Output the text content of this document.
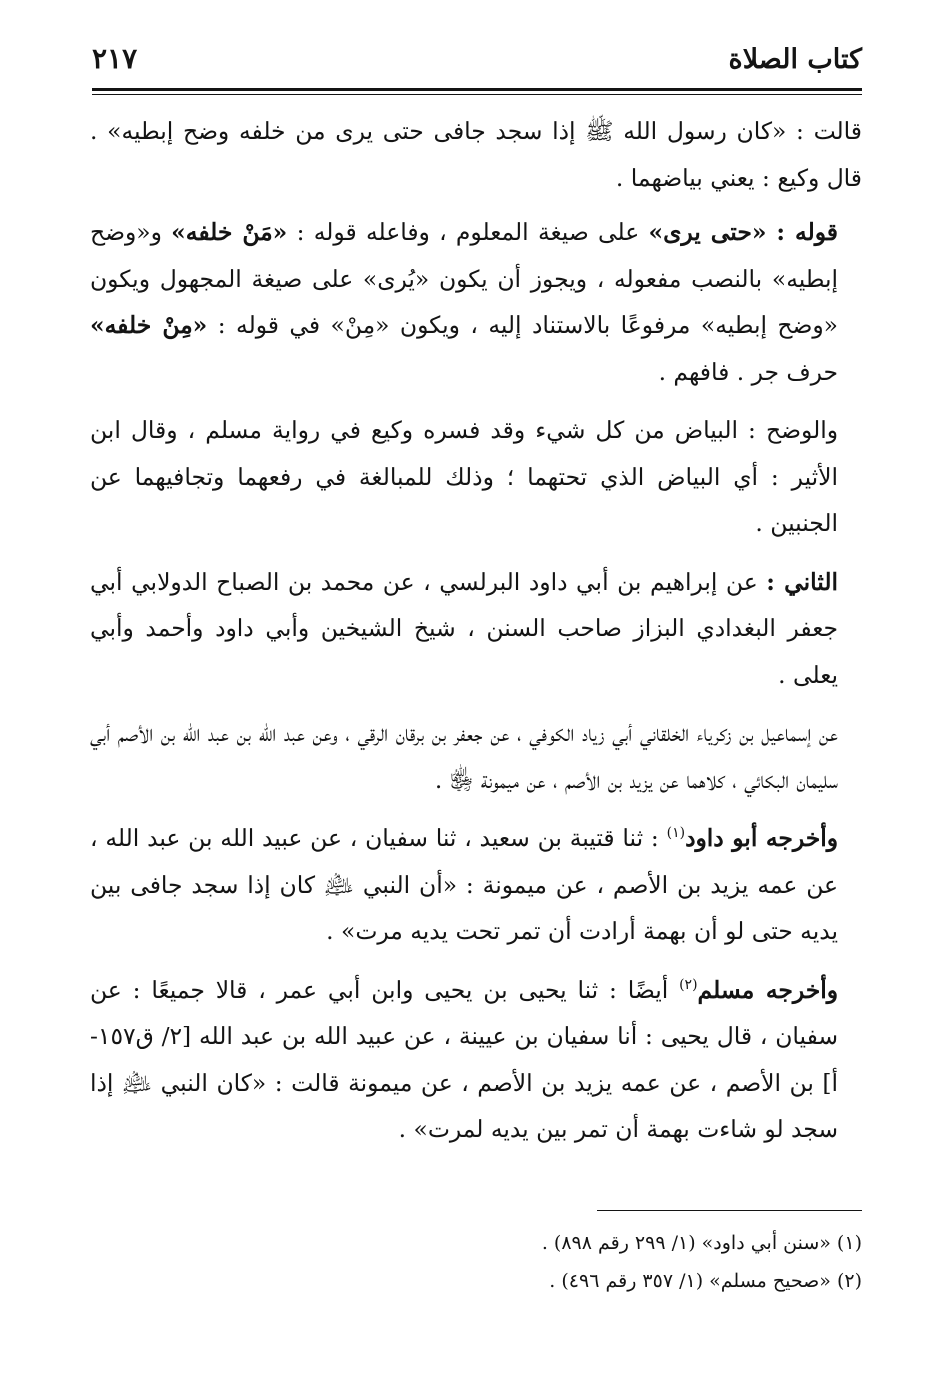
كتاب الصلاة
٢١٧

قالت : «كان رسول الله ﷺ إذا سجد جافى حتى يرى من خلفه وضح إبطيه» . قال وكيع : يعني بياضهما .

قوله : «حتى يرى» على صيغة المعلوم ، وفاعله قوله : «مَنْ خلفه» و«وضح إبطيه» بالنصب مفعوله ، ويجوز أن يكون «يُرى» على صيغة المجهول ويكون «وضح إبطيه» مرفوعًا بالاستناد إليه ، ويكون «مِنْ» في قوله : «مِنْ خلفه» حرف جر . فافهم .

والوضح : البياض من كل شيء وقد فسره وكيع في رواية مسلم ، وقال ابن الأثير : أي البياض الذي تحتهما ؛ وذلك للمبالغة في رفعهما وتجافيهما عن الجنبين .

الثاني : عن إبراهيم بن أبي داود البرلسي ، عن محمد بن الصباح الدولابي أبي جعفر البغدادي البزاز صاحب السنن ، شيخ الشيخين وأبي داود وأحمد وأبي يعلى .

عن إسماعيل بن زكرياء الخلقاني أبي زياد الكوفي ، عن جعفر بن برقان الرقي ، وعن عبد الله بن عبد الله بن الأصم أبي سليمان البكائي ، كلاهما عن يزيد بن الأصم ، عن ميمونة ﵂ .

وأخرجه أبو داود$^{(١)}$ : ثنا قتيبة بن سعيد ، ثنا سفيان ، عن عبيد الله بن عبد الله ، عن عمه يزيد بن الأصم ، عن ميمونة : «أن النبي ﵇ كان إذا سجد جافى بين يديه حتى لو أن بهمة أرادت أن تمر تحت يديه مرت» .

وأخرجه مسلم$^{(٢)}$ أيضًا : ثنا يحيى بن يحيى وابن أبي عمر ، قالا جميعًا : عن سفيان ، قال يحيى : أنا سفيان بن عيينة ، عن عبيد الله بن عبد الله [٢/ ق١٥٧-أ] بن الأصم ، عن عمه يزيد بن الأصم ، عن ميمونة قالت : «كان النبي ﵇ إذا سجد لو شاءت بهمة أن تمر بين يديه لمرت» .

(١) «سنن أبي داود» (١/ ٢٩٩ رقم ٨٩٨) .

(٢) «صحيح مسلم» (١/ ٣٥٧ رقم ٤٩٦) .
